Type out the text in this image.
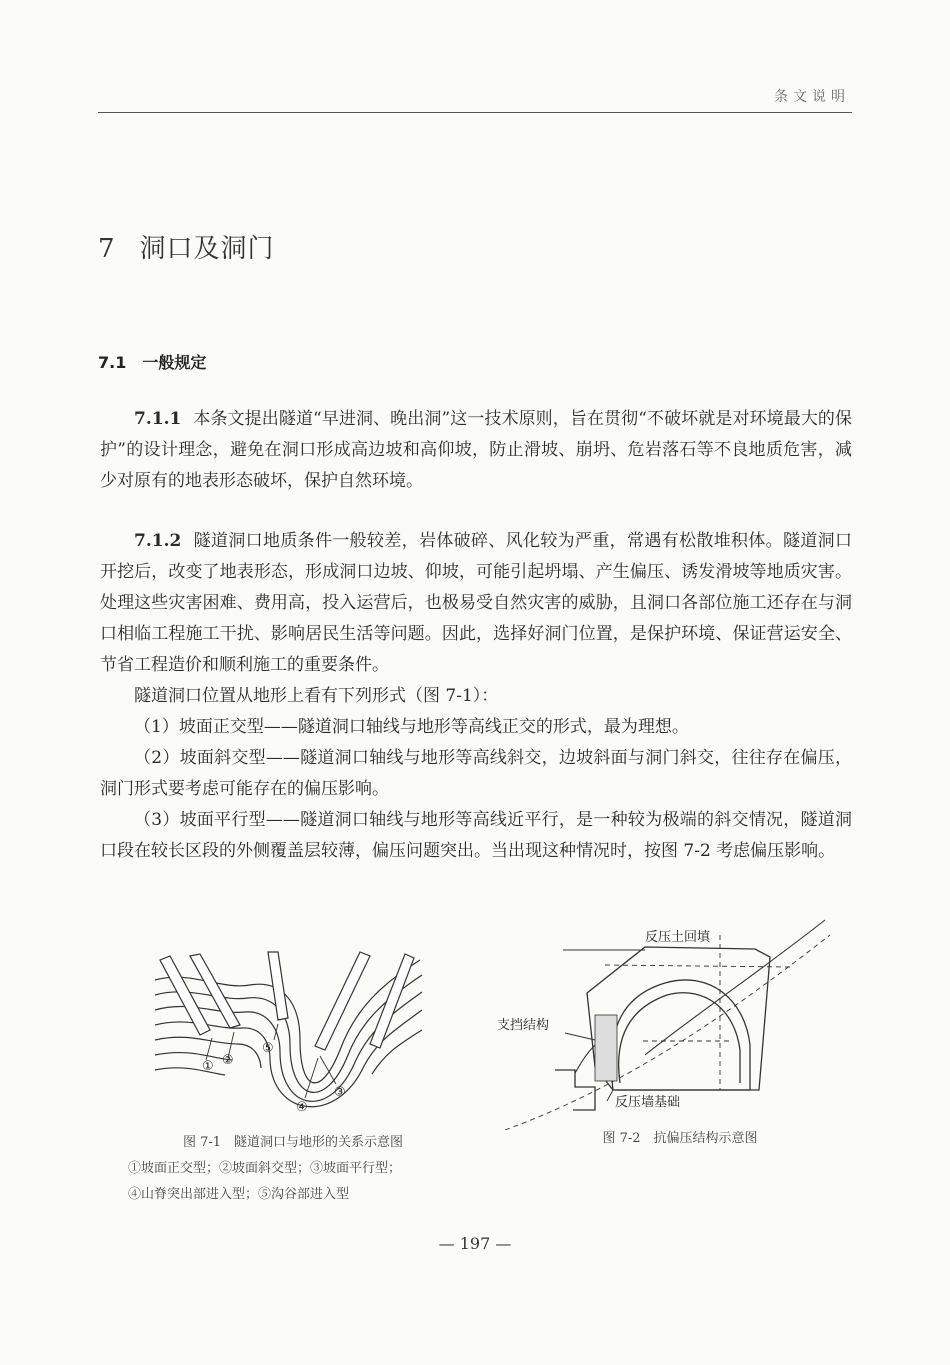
条文说明
7 洞口及洞门
7.1 一般规定

7.1.1 本条文提出隧道“早进洞、晚出洞”这一技术原则，旨在贯彻“不破坏就是对环境最大的保护”的设计理念，避免在洞口形成高边坡和高仰坡，防止滑坡、崩坍、危岩落石等不良地质危害，减少对原有的地表形态破坏，保护自然环境。

7.1.2 隧道洞口地质条件一般较差，岩体破碎、风化较为严重，常遇有松散堆积体。隧道洞口开挖后，改变了地表形态，形成洞口边坡、仰坡，可能引起坍塌、产生偏压、诱发滑坡等地质灾害。处理这些灾害困难、费用高，投入运营后，也极易受自然灾害的威胁，且洞口各部位施工还存在与洞口相临工程施工干扰、影响居民生活等问题。因此，选择好洞门位置，是保护环境、保证营运安全、节省工程造价和顺利施工的重要条件。

隧道洞口位置从地形上看有下列形式（图 7-1）：

（1）坡面正交型——隧道洞口轴线与地形等高线正交的形式，最为理想。

（2）坡面斜交型——隧道洞口轴线与地形等高线斜交，边坡斜面与洞门斜交，往往存在偏压，洞门形式要考虑可能存在的偏压影响。

（3）坡面平行型——隧道洞口轴线与地形等高线近平行，是一种较为极端的斜交情况，隧道洞口段在较长区段的外侧覆盖层较薄，偏压问题突出。当出现这种情况时，按图 7-2 考虑偏压影响。

① ②
③
④
⑤
图 7-1　隧道洞口与地形的关系示意图
①坡面正交型；②坡面斜交型；③坡面平行型；
④山脊突出部进入型；⑤沟谷部进入型
反压土回填
支挡结构
反压墙基础
图 7-2　抗偏压结构示意图
— 197 —
